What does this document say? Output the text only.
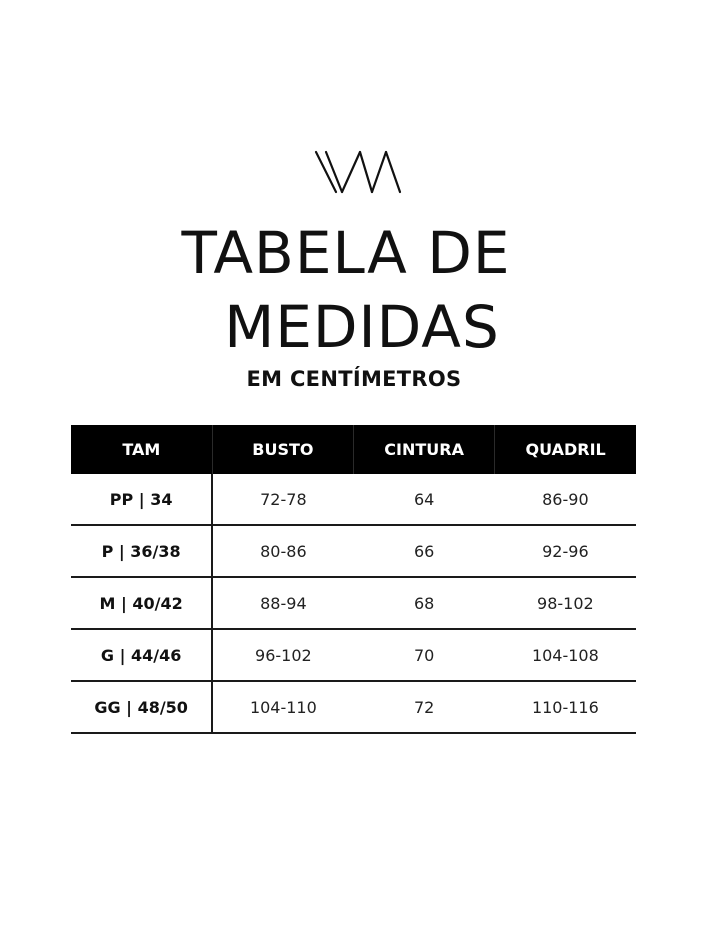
TABELA DE
MEDIDAS
EM CENTÍMETROS
TAM	BUSTO	CINTURA	QUADRIL
PP | 34	72-78	64	86-90
P | 36/38	80-86	66	92-96
M | 40/42	88-94	68	98-102
G | 44/46	96-102	70	104-108
GG | 48/50	104-110	72	110-116
